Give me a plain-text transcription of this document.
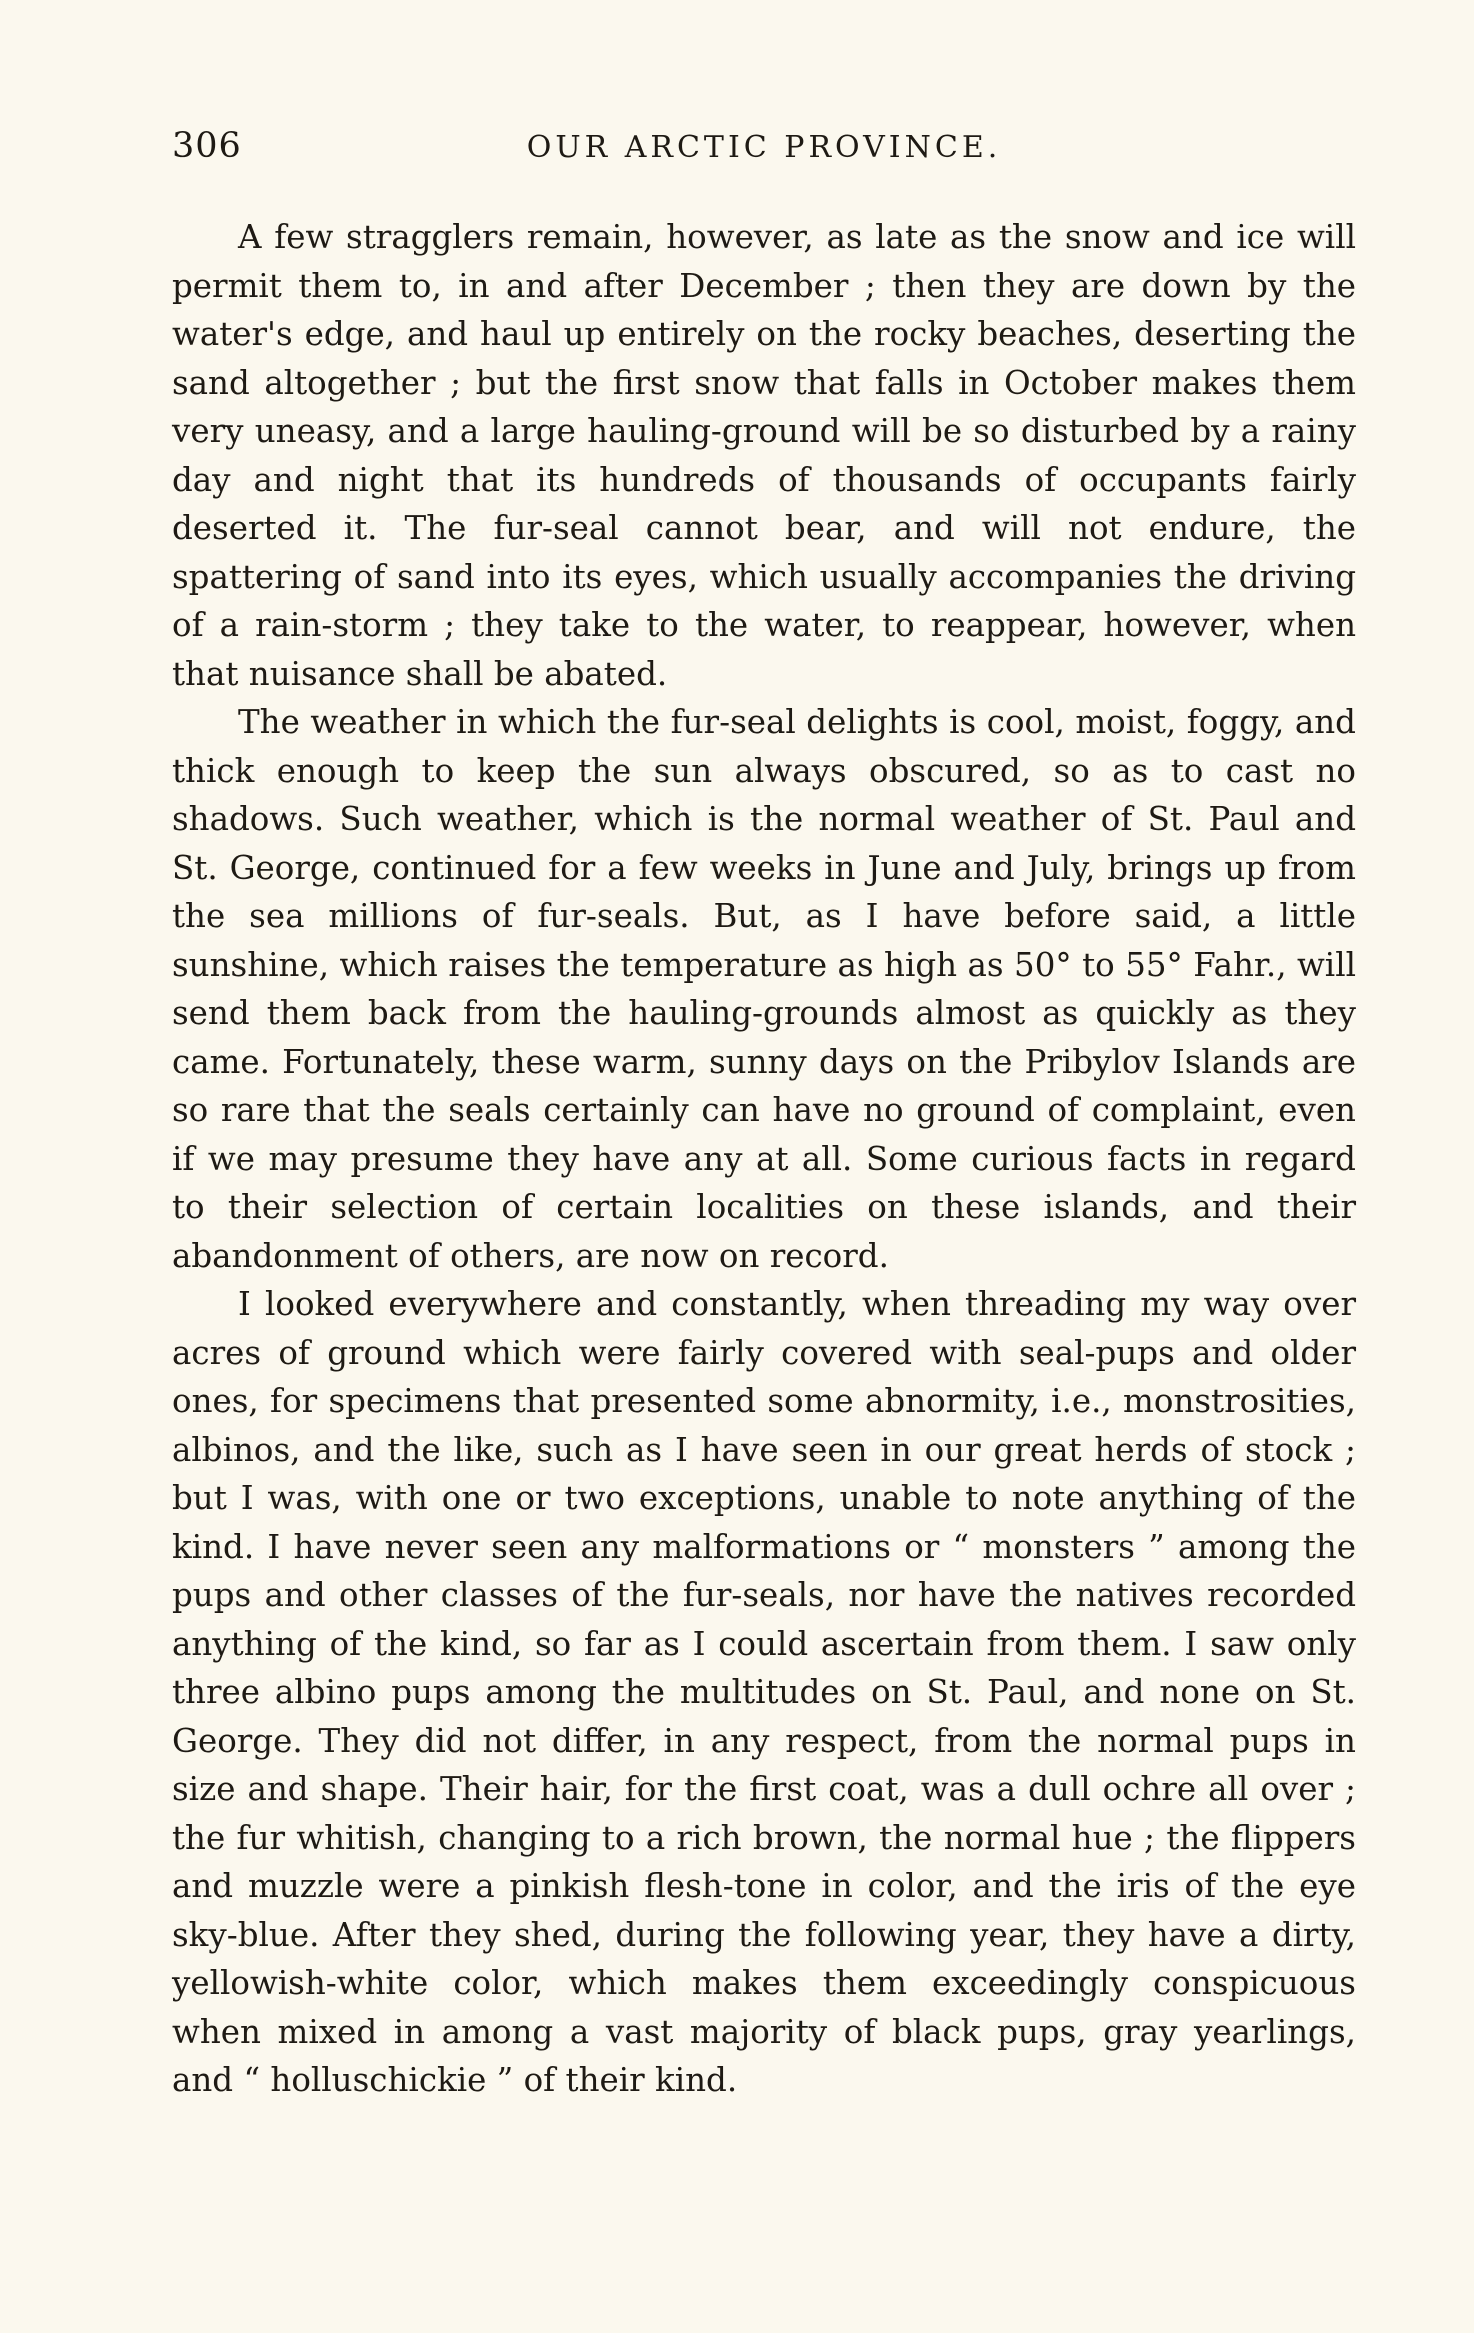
306	OUR ARCTIC PROVINCE.

A few stragglers remain, however, as late as the snow and ice will permit them to, in and after December ; then they are down by the water's edge, and haul up entirely on the rocky beaches, deserting the sand altogether ; but the first snow that falls in October makes them very uneasy, and a large hauling-ground will be so disturbed by a rainy day and night that its hundreds of thousands of occupants fairly deserted it. The fur-seal cannot bear, and will not endure, the spattering of sand into its eyes, which usually accompanies the driving of a rain-storm ; they take to the water, to reappear, however, when that nuisance shall be abated.

The weather in which the fur-seal delights is cool, moist, foggy, and thick enough to keep the sun always obscured, so as to cast no shadows. Such weather, which is the normal weather of St. Paul and St. George, continued for a few weeks in June and July, brings up from the sea millions of fur-seals. But, as I have before said, a little sunshine, which raises the temperature as high as 50° to 55° Fahr., will send them back from the hauling-grounds almost as quickly as they came. Fortunately, these warm, sunny days on the Pribylov Islands are so rare that the seals certainly can have no ground of complaint, even if we may presume they have any at all. Some curious facts in regard to their selection of certain localities on these islands, and their abandonment of others, are now on record.

I looked everywhere and constantly, when threading my way over acres of ground which were fairly covered with seal-pups and older ones, for specimens that presented some abnormity, i.e., monstrosities, albinos, and the like, such as I have seen in our great herds of stock ; but I was, with one or two exceptions, unable to note anything of the kind. I have never seen any malformations or “ monsters ” among the pups and other classes of the fur-seals, nor have the natives recorded anything of the kind, so far as I could ascertain from them. I saw only three albino pups among the multitudes on St. Paul, and none on St. George. They did not differ, in any respect, from the normal pups in size and shape. Their hair, for the first coat, was a dull ochre all over ; the fur whitish, changing to a rich brown, the normal hue ; the flippers and muzzle were a pinkish flesh-tone in color, and the iris of the eye sky-blue. After they shed, during the following year, they have a dirty, yellowish-white color, which makes them exceedingly conspicuous when mixed in among a vast majority of black pups, gray yearlings, and “ holluschickie ” of their kind.
